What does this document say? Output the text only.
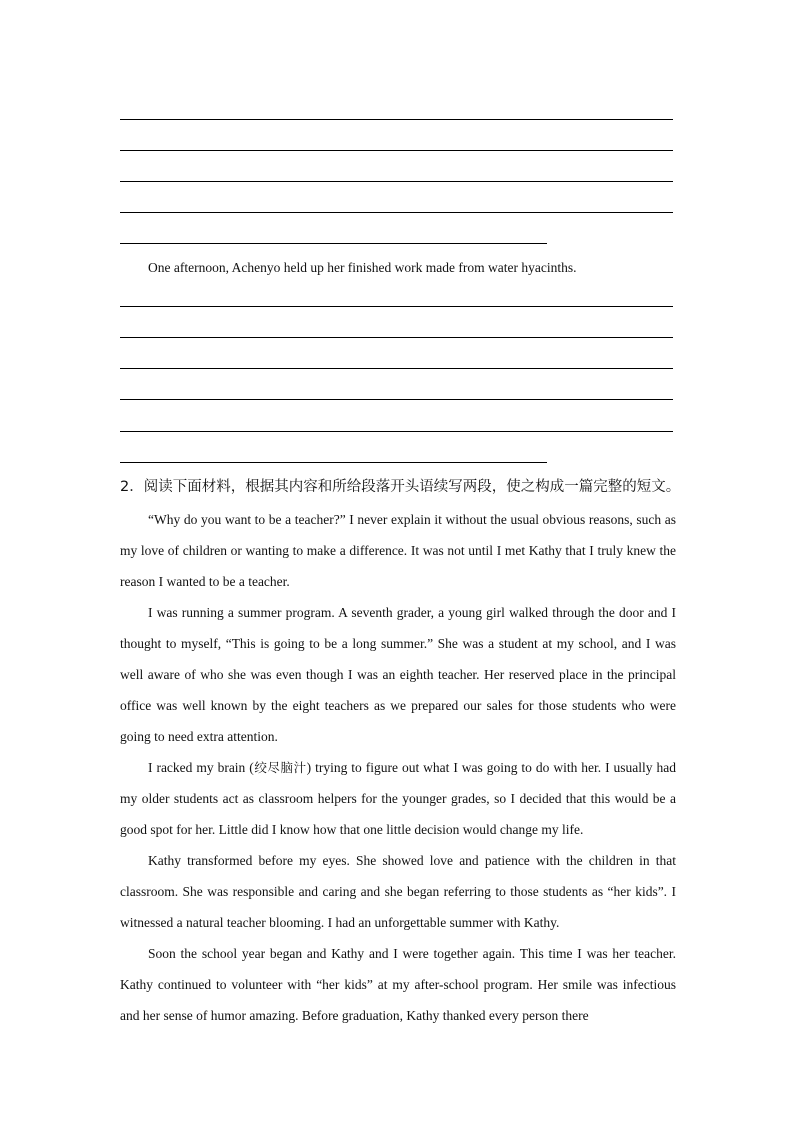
One afternoon, Achenyo held up her finished work made from water hyacinths.
2．阅读下面材料，根据其内容和所给段落开头语续写两段，使之构成一篇完整的短文。

“Why do you want to be a teacher?” I never explain it without the usual obvious reasons, such as my love of children or wanting to make a difference. It was not until I met Kathy that I truly knew the reason I wanted to be a teacher.

I was running a summer program. A seventh grader, a young girl walked through the door and I thought to myself, “This is going to be a long summer.” She was a student at my school, and I was well aware of who she was even though I was an eighth teacher. Her reserved place in the principal office was well known by the eight teachers as we prepared our sales for those students who were going to need extra attention.

I racked my brain (绞尽脑汁) trying to figure out what I was going to do with her. I usually had my older students act as classroom helpers for the younger grades, so I decided that this would be a good spot for her. Little did I know how that one little decision would change my life.

Kathy transformed before my eyes. She showed love and patience with the children in that classroom. She was responsible and caring and she began referring to those students as “her kids”. I witnessed a natural teacher blooming. I had an unforgettable summer with Kathy.

Soon the school year began and Kathy and I were together again. This time I was her teacher. Kathy continued to volunteer with “her kids” at my after-school program. Her smile was infectious and her sense of humor amazing. Before graduation, Kathy thanked every person there
